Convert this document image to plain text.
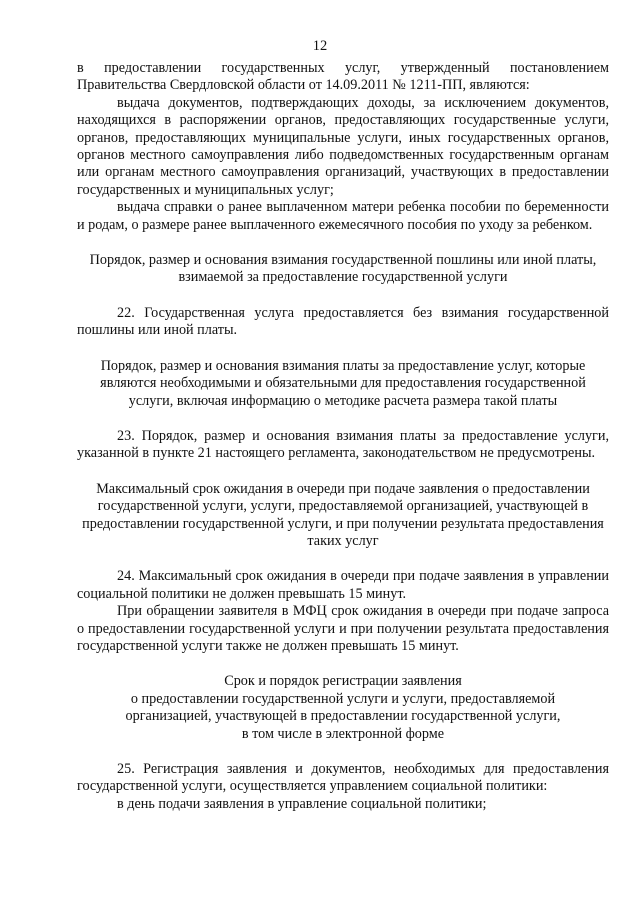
12

в предоставлении государственных услуг, утвержденный постановлением Правительства Свердловской области от 14.09.2011 № 1211-ПП, являются:

выдача документов, подтверждающих доходы, за исключением документов, находящихся в распоряжении органов, предоставляющих государственные услуги, органов, предоставляющих муниципальные услуги, иных государственных органов, органов местного самоуправления либо подведомственных государственным органам или органам местного самоуправления организаций, участвующих в предоставлении государственных и муниципальных услуг;

выдача справки о ранее выплаченном матери ребенка пособии по беременности и родам, о размере ранее выплаченного ежемесячного пособия по уходу за ребенком.

Порядок, размер и основания взимания государственной пошлины или иной платы, взимаемой за предоставление государственной услуги

22. Государственная услуга предоставляется без взимания государственной пошлины или иной платы.

Порядок, размер и основания взимания платы за предоставление услуг, которые являются необходимыми и обязательными для предоставления государственной услуги, включая информацию о методике расчета размера такой платы

23. Порядок, размер и основания взимания платы за предоставление услуги, указанной в пункте 21 настоящего регламента, законодательством не предусмотрены.

Максимальный срок ожидания в очереди при подаче заявления о предоставлении государственной услуги, услуги, предоставляемой организацией, участвующей в предоставлении государственной услуги, и при получении результата предоставления таких услуг

24. Максимальный срок ожидания в очереди при подаче заявления в управлении социальной политики не должен превышать 15 минут.

При обращении заявителя в МФЦ срок ожидания в очереди при подаче запроса о предоставлении государственной услуги и при получении результата предоставления государственной услуги также не должен превышать 15 минут.

Срок и порядок регистрации заявления

о предоставлении государственной услуги и услуги, предоставляемой

организацией, участвующей в предоставлении государственной услуги,

в том числе в электронной форме

25. Регистрация заявления и документов, необходимых для предоставления государственной услуги, осуществляется управлением социальной политики:

в день подачи заявления в управление социальной политики;
